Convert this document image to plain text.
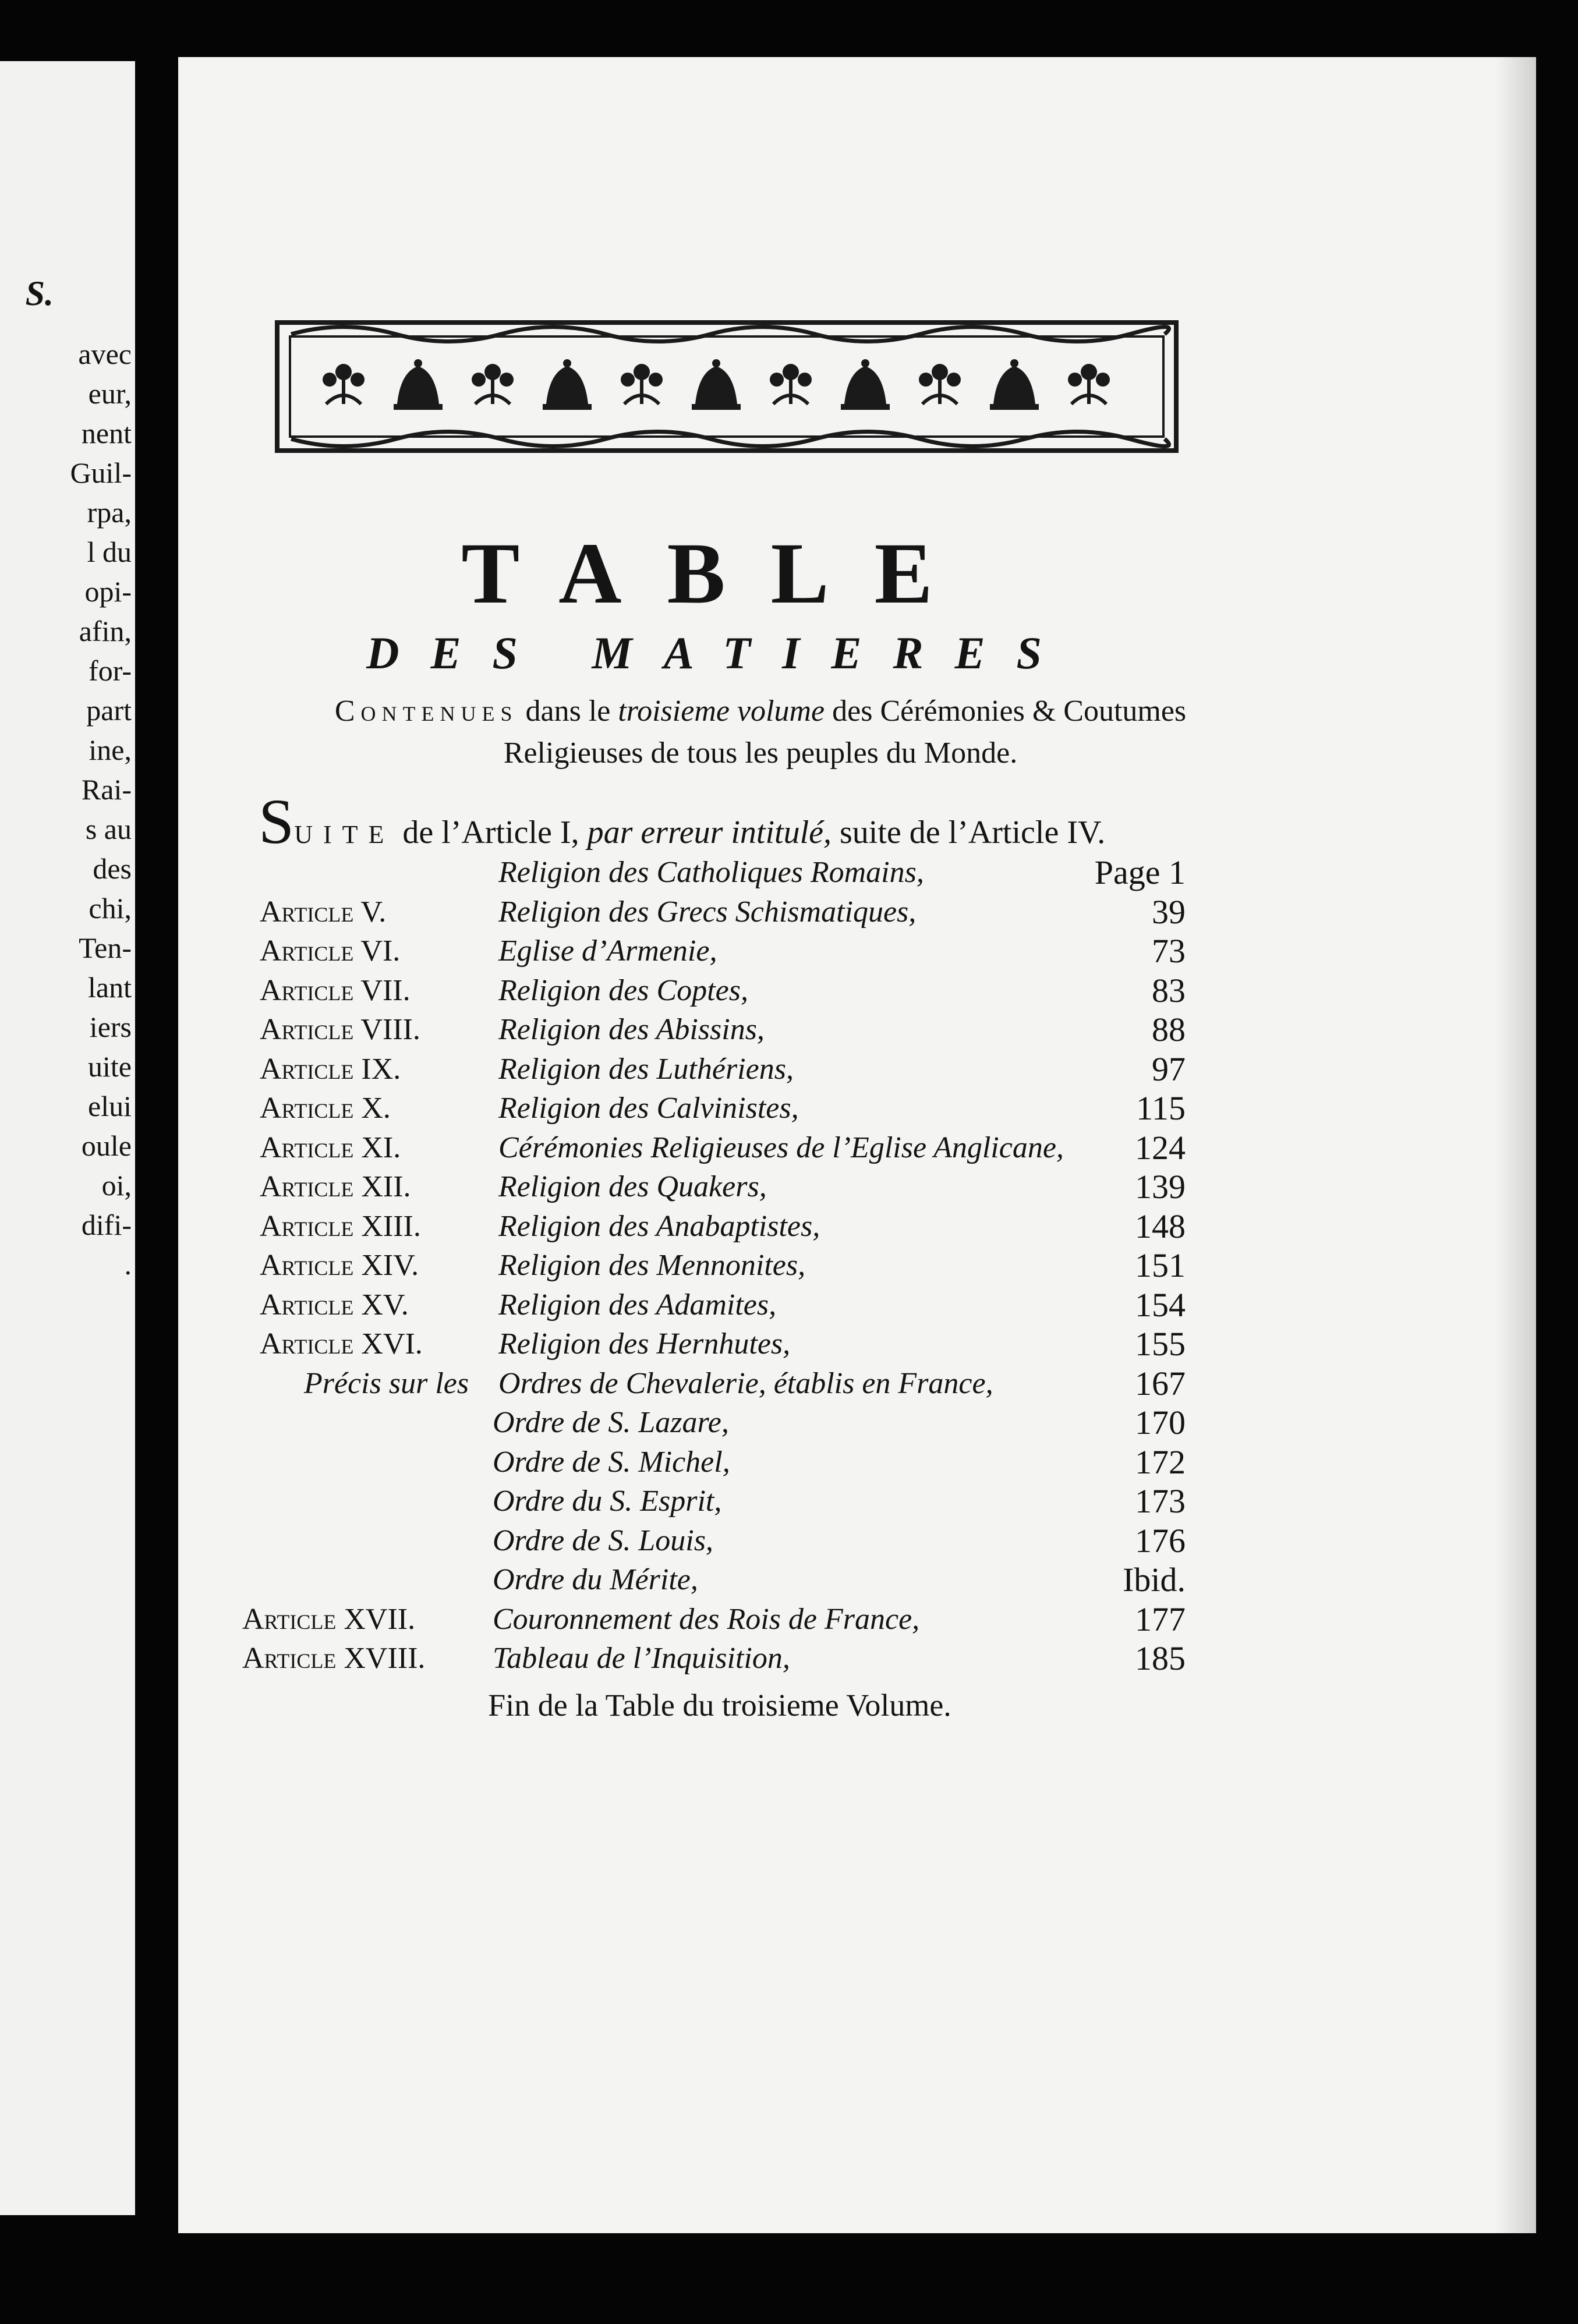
S.
avec
eur,
nent
Guil-
rpa,
l du
opi-
afin,
for-
part
ine,
Rai-
s au
des
chi,
Ten-
lant
iers
uite
elui
oule
oi,
difi-
.
TABLE
DES MATIERES
Contenues dans le troisieme volume des Cérémonies & Coutumes
Religieuses de tous les peuples du Monde.
SUITE de l’Article I, par erreur intitulé, suite de l’Article IV.
Religion des Catholiques Romains,	Page 1
Article V.	Religion des Grecs Schismatiques,	39
Article VI.	Eglise d’Armenie,	73
Article VII.	Religion des Coptes,	83
Article VIII.	Religion des Abissins,	88
Article IX.	Religion des Luthériens,	97
Article X.	Religion des Calvinistes,	115
Article XI.	Cérémonies Religieuses de l’Eglise Anglicane,	124
Article XII.	Religion des Quakers,	139
Article XIII.	Religion des Anabaptistes,	148
Article XIV.	Religion des Mennonites,	151
Article XV.	Religion des Adamites,	154
Article XVI.	Religion des Hernhutes,	155
Précis sur les Ordres de Chevalerie, établis en France,	167
Ordre de S. Lazare,	170
Ordre de S. Michel,	172
Ordre du S. Esprit,	173
Ordre de S. Louis,	176
Ordre du Mérite,	Ibid.
Article XVII.	Couronnement des Rois de France,	177
Article XVIII. Tableau de l’Inquisition,	185
Fin de la Table du troisieme Volume.
